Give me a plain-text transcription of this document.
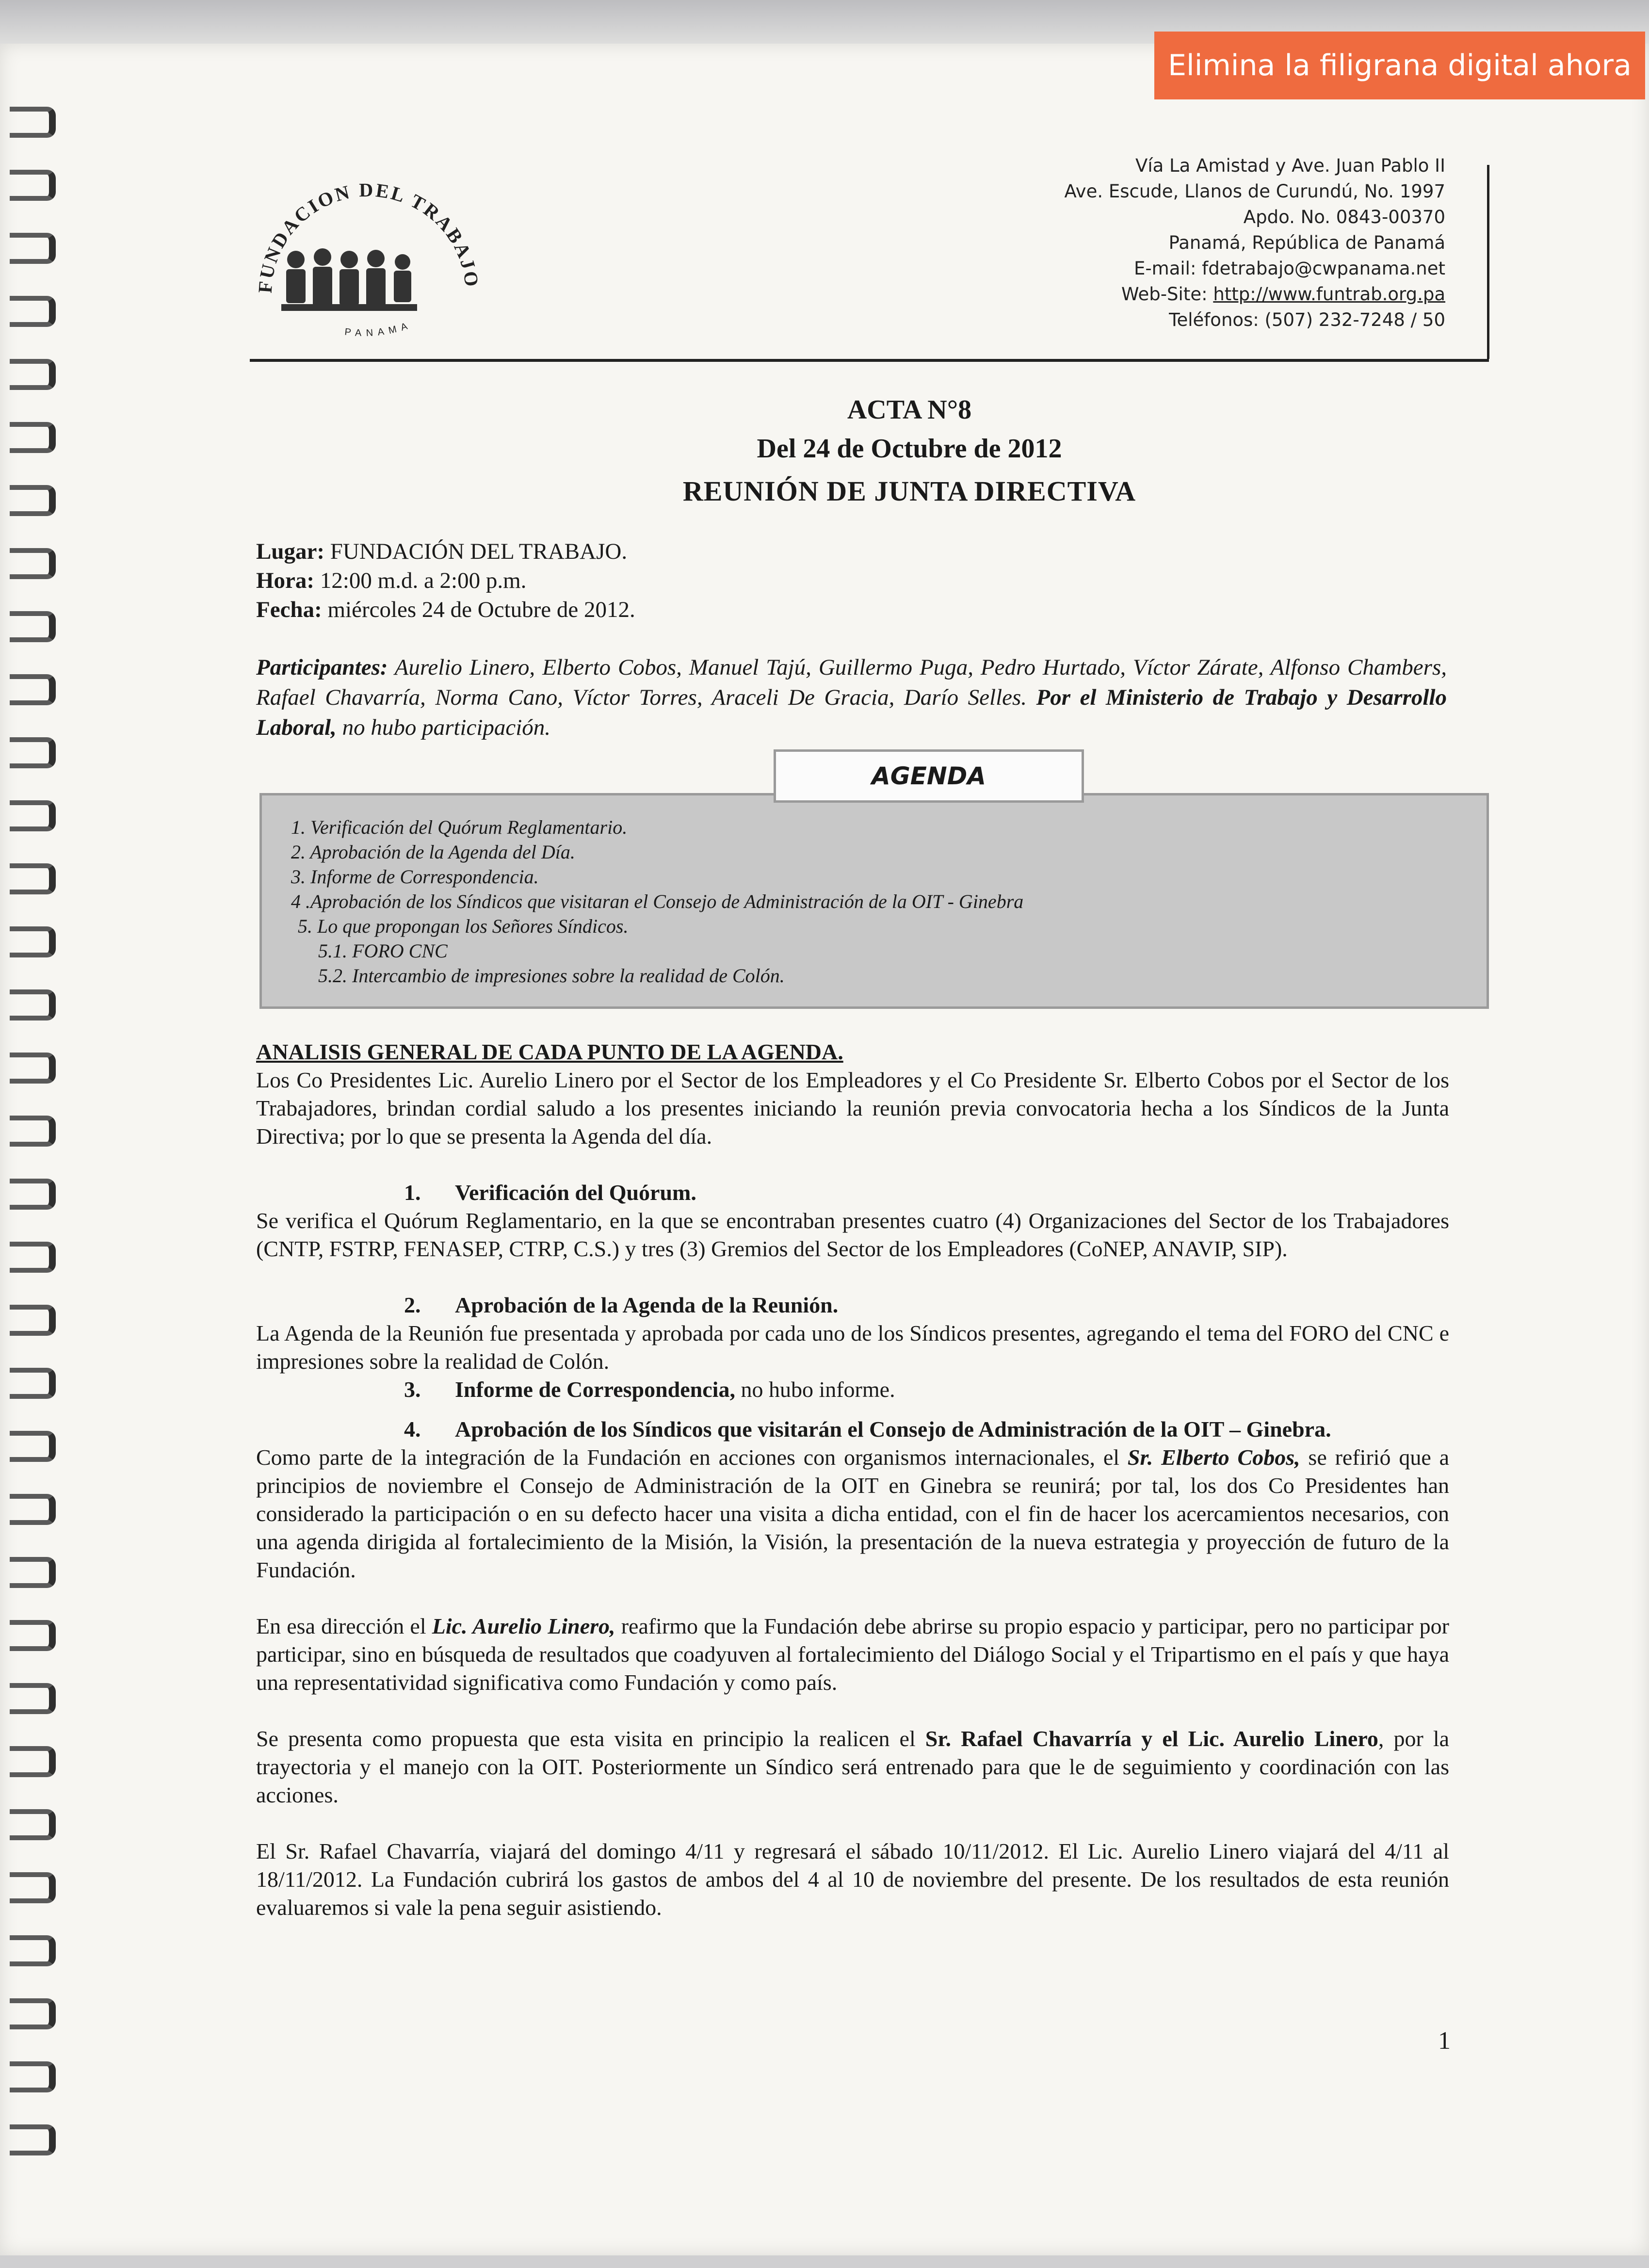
Elimina la filigrana digital ahora
FUNDACION DEL TRABAJO
PANAMA
Vía La Amistad y Ave. Juan Pablo II
Ave. Escude, Llanos de Curundú, No. 1997
Apdo. No. 0843-00370
Panamá, República de Panamá
E-mail: fdetrabajo@cwpanama.net
Web-Site: http://www.funtrab.org.pa
Teléfonos: (507) 232-7248 / 50
ACTA N°8
Del 24 de Octubre de 2012
REUNIÓN DE JUNTA DIRECTIVA
Lugar: FUNDACIÓN DEL TRABAJO.
Hora: 12:00 m.d. a 2:00 p.m.
Fecha: miércoles 24 de Octubre de 2012.
Participantes: Aurelio Linero, Elberto Cobos, Manuel Tajú, Guillermo Puga, Pedro Hurtado, Víctor Zárate, Alfonso Chambers, Rafael Chavarría, Norma Cano, Víctor Torres, Araceli De Gracia, Darío Selles. Por el Ministerio de Trabajo y Desarrollo Laboral, no hubo participación.
AGENDA
1. Verificación del Quórum Reglamentario.
2. Aprobación de la Agenda del Día.
3. Informe de Correspondencia.
4 .Aprobación de los Síndicos que visitaran el Consejo de Administración de la OIT - Ginebra
5. Lo que propongan los Señores Síndicos.
5.1. FORO CNC
5.2. Intercambio de impresiones sobre la realidad de Colón.

ANALISIS GENERAL DE CADA PUNTO DE LA AGENDA.

Los Co Presidentes Lic. Aurelio Linero por el Sector de los Empleadores y el Co Presidente Sr. Elberto Cobos por el Sector de los Trabajadores, brindan cordial saludo a los presentes iniciando la reunión previa convocatoria hecha a los Síndicos de la Junta Directiva; por lo que se presenta la Agenda del día.

1. Verificación del Quórum.

Se verifica el Quórum Reglamentario, en la que se encontraban presentes cuatro (4) Organizaciones del Sector de los Trabajadores (CNTP, FSTRP, FENASEP, CTRP, C.S.) y tres (3) Gremios del Sector de los Empleadores (CoNEP, ANAVIP, SIP).

2. Aprobación de la Agenda de la Reunión.

La Agenda de la Reunión fue presentada y aprobada por cada uno de los Síndicos presentes, agregando el tema del FORO del CNC e impresiones sobre la realidad de Colón.

3. Informe de Correspondencia, no hubo informe.

4. Aprobación de los Síndicos que visitarán el Consejo de Administración de la OIT – Ginebra.

Como parte de la integración de la Fundación en acciones con organismos internacionales, el Sr. Elberto Cobos, se refirió que a principios de noviembre el Consejo de Administración de la OIT en Ginebra se reunirá; por tal, los dos Co Presidentes han considerado la participación o en su defecto hacer una visita a dicha entidad, con el fin de hacer los acercamientos necesarios, con una agenda dirigida al fortalecimiento de la Misión, la Visión, la presentación de la nueva estrategia y proyección de futuro de la Fundación.

En esa dirección el Lic. Aurelio Linero, reafirmo que la Fundación debe abrirse su propio espacio y participar, pero no participar por participar, sino en búsqueda de resultados que coadyuven al fortalecimiento del Diálogo Social y el Tripartismo en el país y que haya una representatividad significativa como Fundación y como país.

Se presenta como propuesta que esta visita en principio la realicen el Sr. Rafael Chavarría y el Lic. Aurelio Linero, por la trayectoria y el manejo con la OIT. Posteriormente un Síndico será entrenado para que le de seguimiento y coordinación con las acciones.

El Sr. Rafael Chavarría, viajará del domingo 4/11 y regresará el sábado 10/11/2012. El Lic. Aurelio Linero viajará del 4/11 al 18/11/2012. La Fundación cubrirá los gastos de ambos del 4 al 10 de noviembre del presente. De los resultados de esta reunión evaluaremos si vale la pena seguir asistiendo.

1
